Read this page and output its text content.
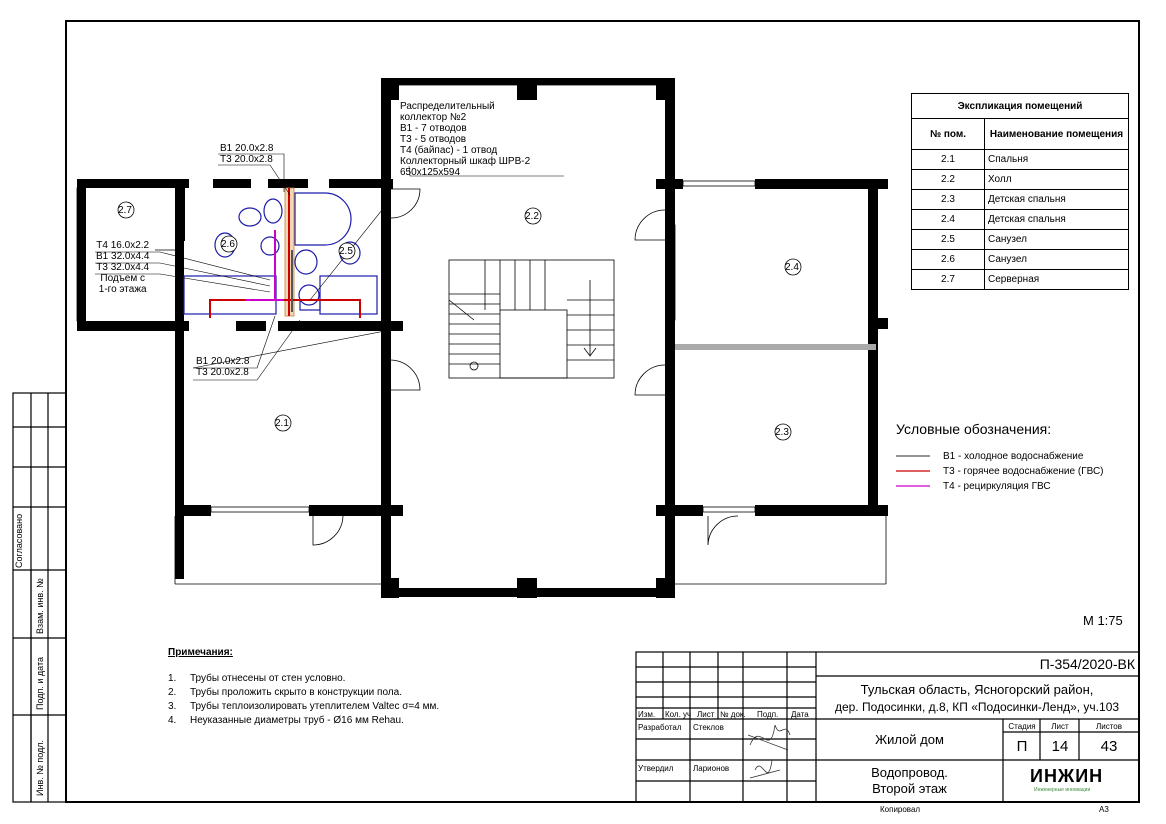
Согласовано
Взам. инв. №
Подп. и дата
Инв. № подл.
2.1
2.2
2.3
2.4
2.5
2.6
2.7
Распределительный
коллектор №2
В1 - 7 отводов
Т3 - 5 отводов
Т4 (байпас) - 1 отвод
Коллекторный шкаф ШРВ-2
650х125х594
В1 20.0х2.8
Т3 20.0х2.8
Т4 16.0х2.2
В1 32.0х4.4
Т3 32.0х4.4
Подъем с
1-го этажа
В1 20.0х2.8
Т3 20.0х2.8
Экспликация помещений	
№ пом.	Наименование помещения
2.1	Спальня
2.2	Холл
2.3	Детская спальня
2.4	Детская спальня
2.5	Санузел
2.6	Санузел
2.7	Серверная
Условные обозначения:
В1 - холодное водоснабжение
Т3 - горячее водоснабжение (ГВС)
Т4 - рециркуляция ГВС
М 1:75
Примечания:
1. Трубы отнесены от стен условно.
2. Трубы проложить скрыто в конструкции пола.
3. Трубы теплоизолировать утеплителем Valtec σ=4 мм.
4. Неуказанные диаметры труб - Ø16 мм Rehau.
Изм. Кол. уч Лист № док. Подп. Дата
Разработал Стеклов
Утвердил Ларионов
П-354/2020-ВК
Тульская область, Ясногорский район,
дер. Подосинки, д.8, КП «Подосинки-Ленд», уч.103
Жилой дом
Стадия	Лист	Листов
П	14	43
Водопровод.
Второй этаж
ИНЖИН
Инженерные инновации
Копировал	A3
